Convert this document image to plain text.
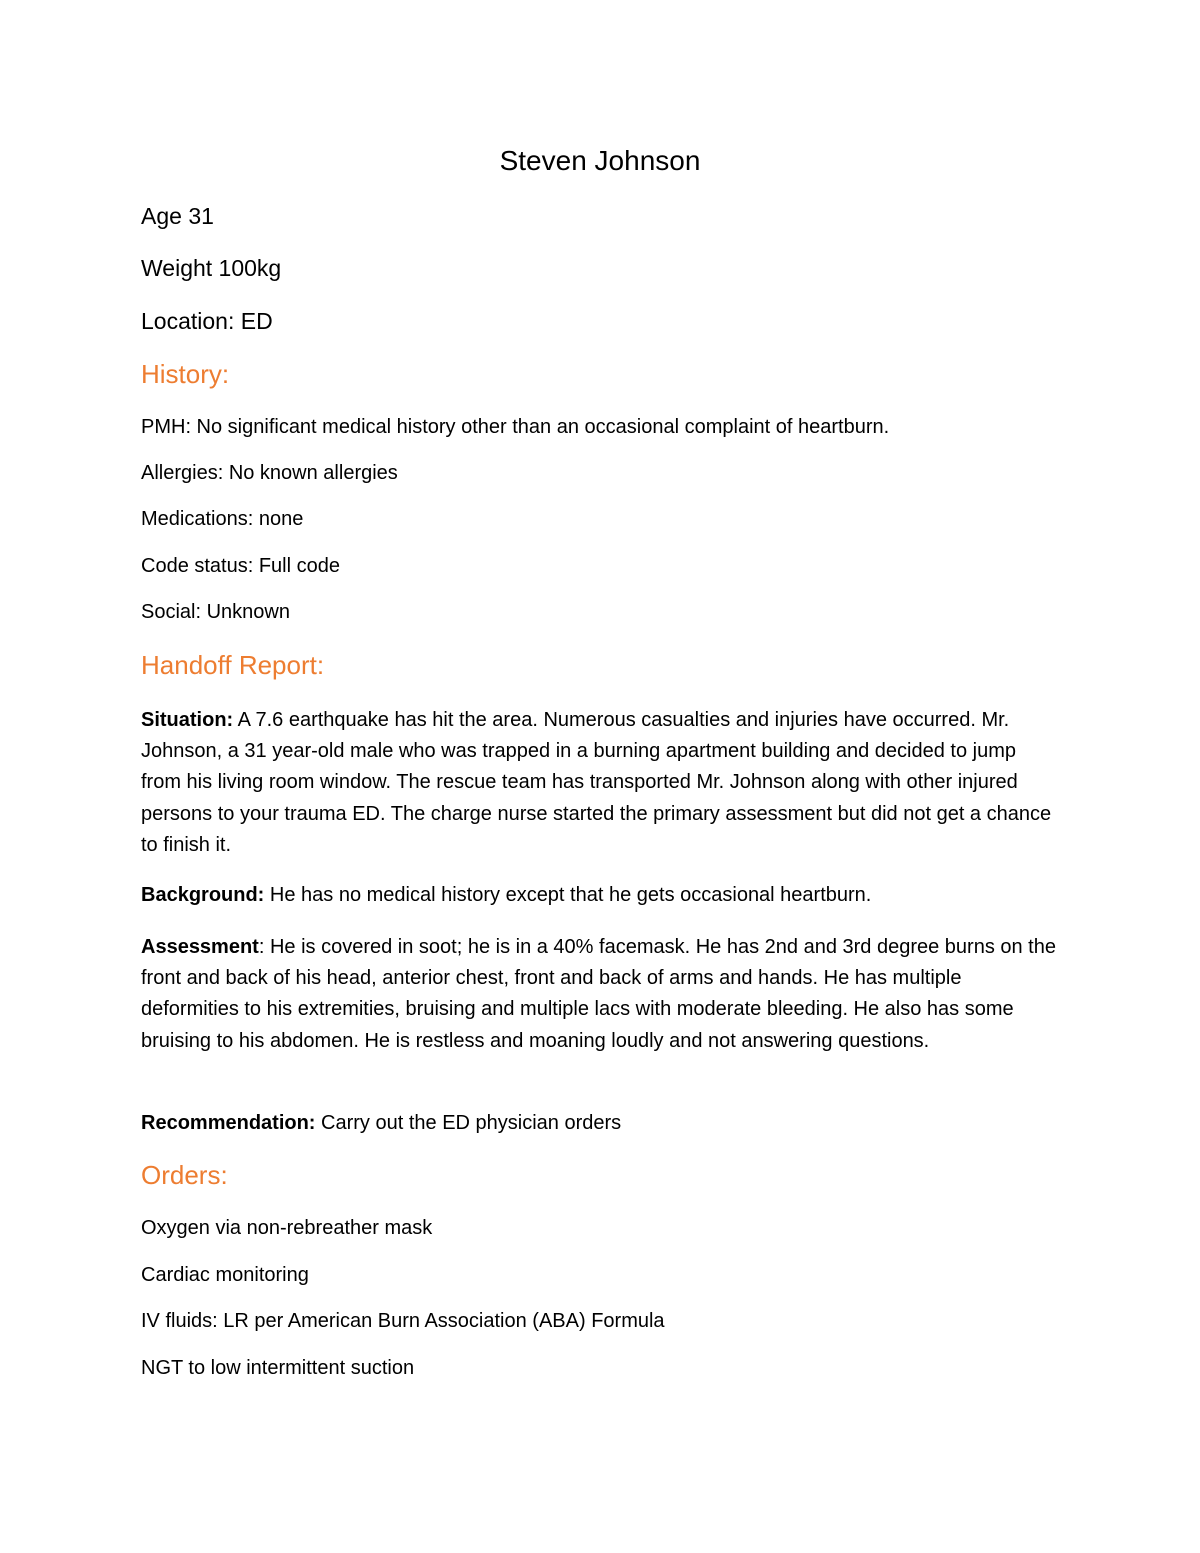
Steven Johnson

Age 31

Weight 100kg

Location: ED

History:

PMH: No significant medical history other than an occasional complaint of heartburn.

Allergies: No known allergies

Medications: none

Code status: Full code

Social: Unknown

Handoff Report:

Situation: A 7.6 earthquake has hit the area. Numerous casualties and injuries have occurred. Mr. Johnson, a 31 year-old male who was trapped in a burning apartment building and decided to jump from his living room window. The rescue team has transported Mr. Johnson along with other injured persons to your trauma ED. The charge nurse started the primary assessment but did not get a chance to finish it.

Background: He has no medical history except that he gets occasional heartburn.

Assessment: He is covered in soot; he is in a 40% facemask. He has 2nd and 3rd degree burns on the front and back of his head, anterior chest, front and back of arms and hands. He has multiple deformities to his extremities, bruising and multiple lacs with moderate bleeding. He also has some bruising to his abdomen. He is restless and moaning loudly and not answering questions.

Recommendation: Carry out the ED physician orders

Orders:

Oxygen via non-rebreather mask

Cardiac monitoring

IV fluids: LR per American Burn Association (ABA) Formula

NGT to low intermittent suction
